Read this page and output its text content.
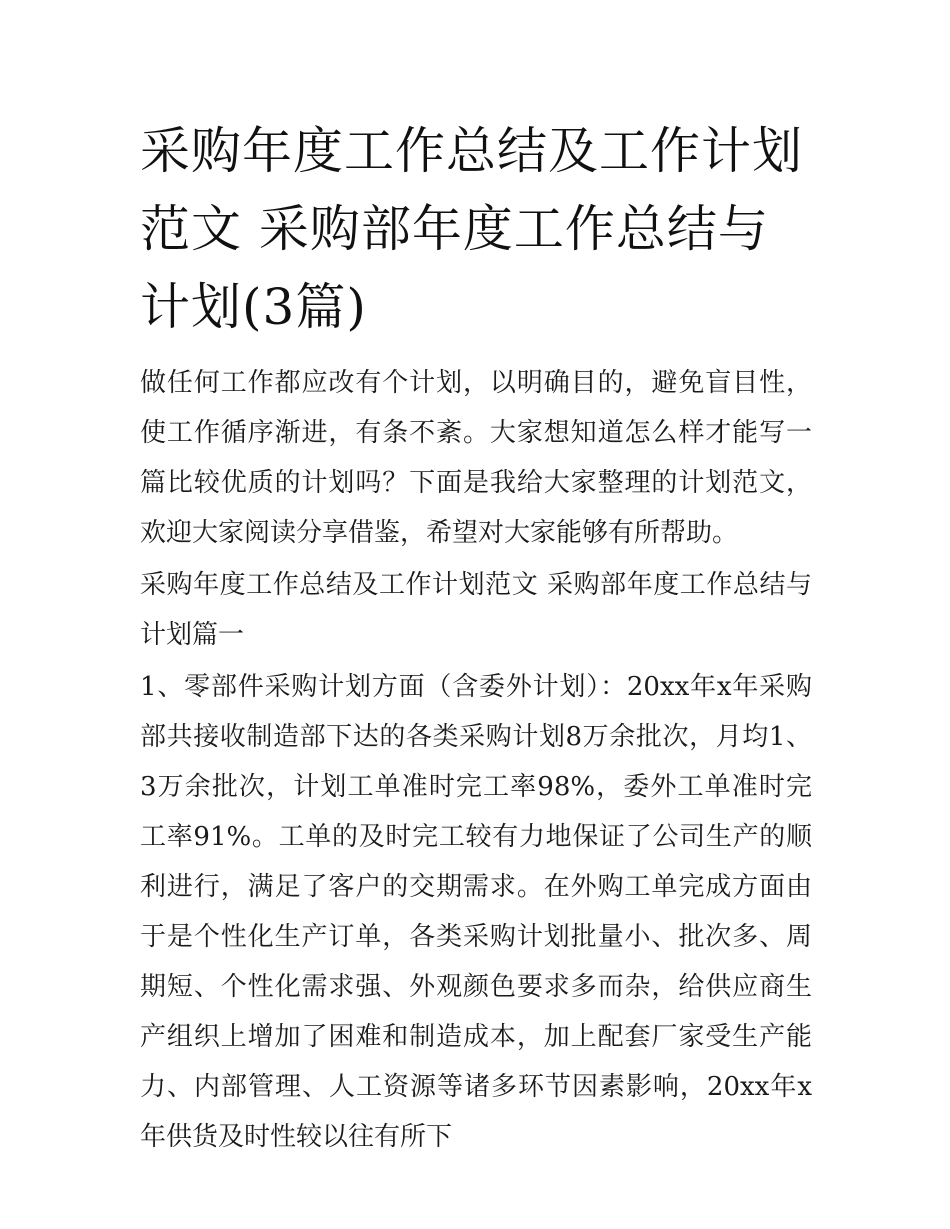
采购年度工作总结及工作计划范文 采购部年度工作总结与计划(3篇)

做任何工作都应改有个计划，以明确目的，避免盲目性，使工作循序渐进，有条不紊。大家想知道怎么样才能写一篇比较优质的计划吗？下面是我给大家整理的计划范文，欢迎大家阅读分享借鉴，希望对大家能够有所帮助。

采购年度工作总结及工作计划范文 采购部年度工作总结与计划篇一

1、零部件采购计划方面（含委外计划）：20xx年x年采购部共接收制造部下达的各类采购计划8万余批次，月均1、3万余批次，计划工单准时完工率98%，委外工单准时完工率91%。工单的及时完工较有力地保证了公司生产的顺利进行，满足了客户的交期需求。在外购工单完成方面由于是个性化生产订单，各类采购计划批量小、批次多、周期短、个性化需求强、外观颜色要求多而杂，给供应商生产组织上增加了困难和制造成本，加上配套厂家受生产能力、内部管理、人工资源等诸多环节因素影响，20xx年x年供货及时性较以往有所下
